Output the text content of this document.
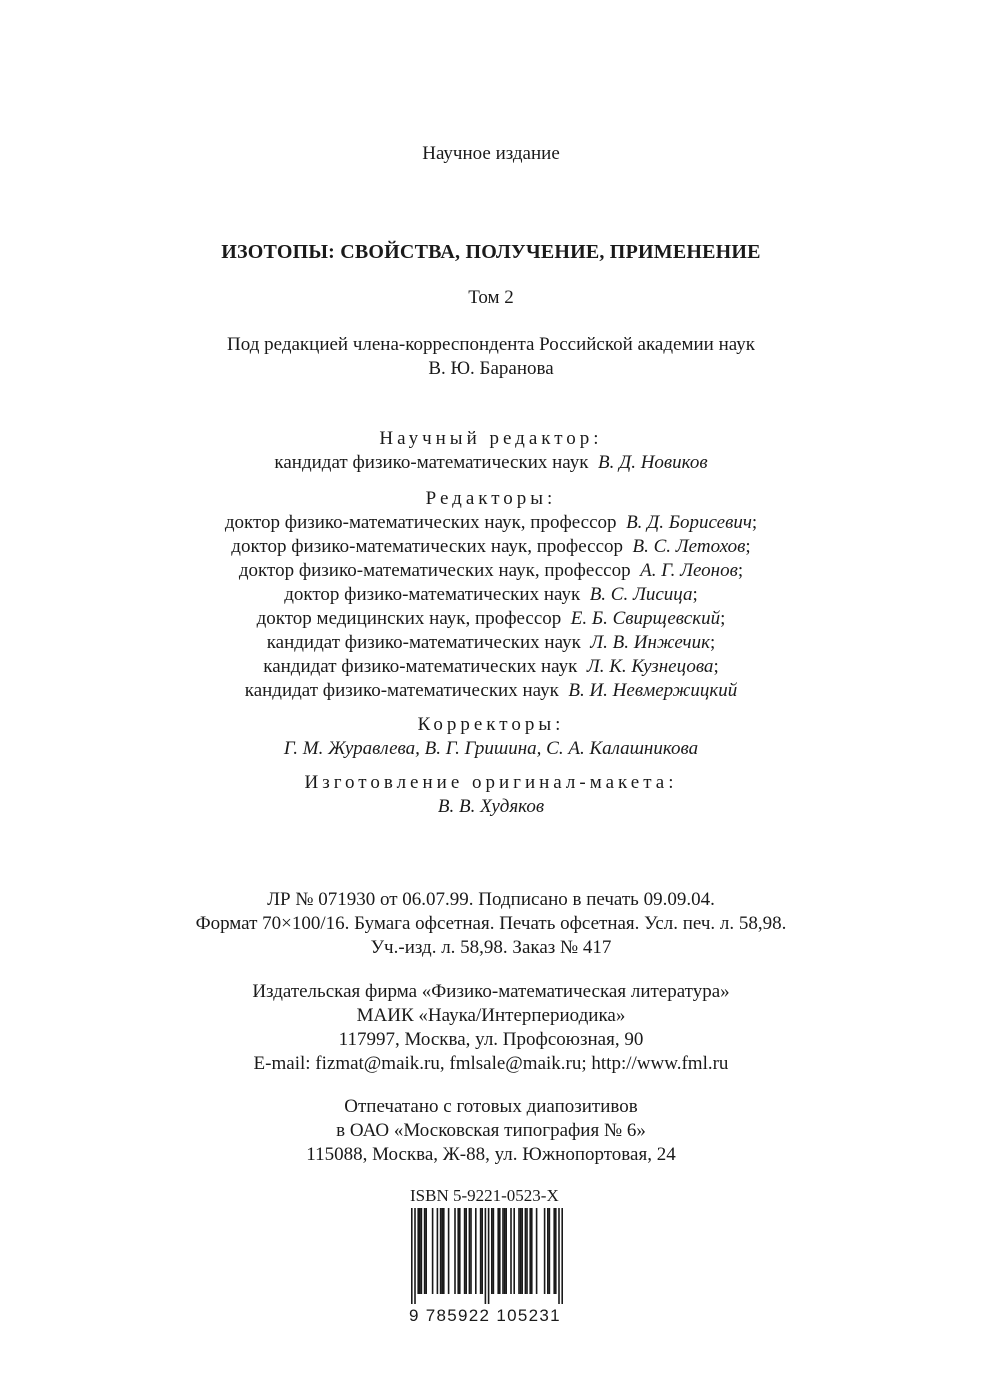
Научное издание
ИЗОТОПЫ: СВОЙСТВА, ПОЛУЧЕНИЕ, ПРИМЕНЕНИЕ
Том 2
Под редакцией члена-корреспондента Российской академии наук
В. Ю. Баранова
Научный редактор:
кандидат физико-математических наук В. Д. Новиков
Редакторы:
доктор физико-математических наук, профессор В. Д. Борисевич;
доктор физико-математических наук, профессор В. С. Летохов;
доктор физико-математических наук, профессор А. Г. Леонов;
доктор физико-математических наук В. С. Лисица;
доктор медицинских наук, профессор Е. Б. Свирщевский;
кандидат физико-математических наук Л. В. Инжечик;
кандидат физико-математических наук Л. К. Кузнецова;
кандидат физико-математических наук В. И. Невмержицкий
Корректоры:
Г. М. Журавлева, В. Г. Гришина, С. А. Калашникова
Изготовление оригинал-макета:
В. В. Худяков
ЛР № 071930 от 06.07.99. Подписано в печать 09.09.04.
Формат 70×100/16. Бумага офсетная. Печать офсетная. Усл. печ. л. 58,98.
Уч.-изд. л. 58,98. Заказ № 417
Издательская фирма «Физико-математическая литература»
МАИК «Наука/Интерпериодика»
117997, Москва, ул. Профсоюзная, 90
E-mail: fizmat@maik.ru, fmlsale@maik.ru; http://www.fml.ru
Отпечатано с готовых диапозитивов
в ОАО «Московская типография № 6»
115088, Москва, Ж-88, ул. Южнопортовая, 24
ISBN 5-9221-0523-X
9 785922 105231
